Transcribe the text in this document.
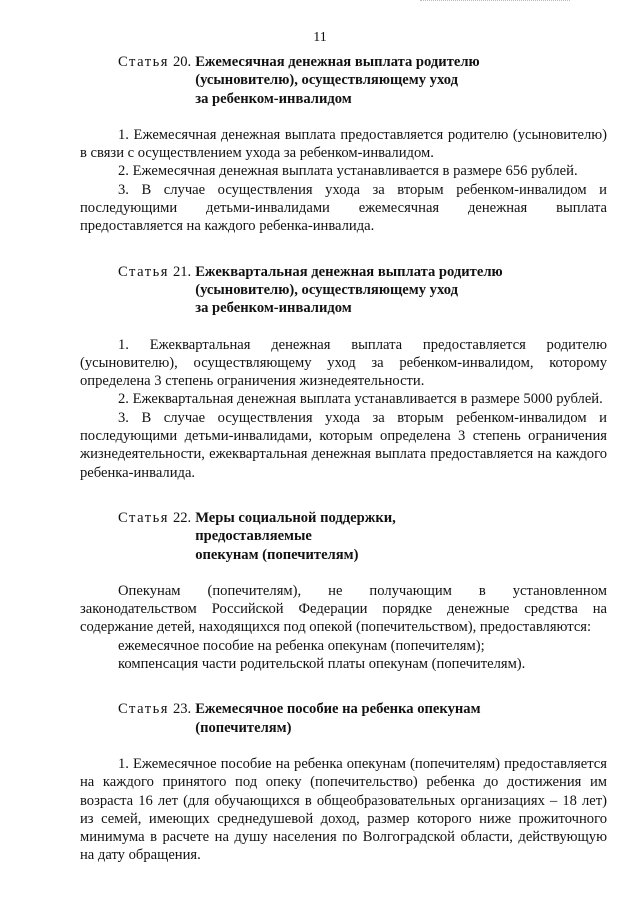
11
Статья 20. Ежемесячная денежная выплата родителю
(усыновителю), осуществляющему уход
за ребенком-инвалидом

1. Ежемесячная денежная выплата предоставляется родителю (усыновителю) в связи с осуществлением ухода за ребенком-инвалидом.

2. Ежемесячная денежная выплата устанавливается в размере 656 рублей.

3. В случае осуществления ухода за вторым ребенком-инвалидом и последующими детьми-инвалидами ежемесячная денежная выплата предоставляется на каждого ребенка-инвалида.

Статья 21. Ежеквартальная денежная выплата родителю
(усыновителю), осуществляющему уход
за ребенком-инвалидом

1. Ежеквартальная денежная выплата предоставляется родителю (усыновителю), осуществляющему уход за ребенком-инвалидом, которому определена 3 степень ограничения жизнедеятельности.

2. Ежеквартальная денежная выплата устанавливается в размере 5000 рублей.

3. В случае осуществления ухода за вторым ребенком-инвалидом и последующими детьми-инвалидами, которым определена 3 степень ограничения жизнедеятельности, ежеквартальная денежная выплата предоставляется на каждого ребенка-инвалида.

Статья 22. Меры социальной поддержки, предоставляемые
опекунам (попечителям)

Опекунам (попечителям), не получающим в установленном законодательством Российской Федерации порядке денежные средства на содержание детей, находящихся под опекой (попечительством), предоставляются:

ежемесячное пособие на ребенка опекунам (попечителям);

компенсация части родительской платы опекунам (попечителям).

Статья 23. Ежемесячное пособие на ребенка опекунам
(попечителям)

1. Ежемесячное пособие на ребенка опекунам (попечителям) предоставляется на каждого принятого под опеку (попечительство) ребенка до достижения им возраста 16 лет (для обучающихся в общеобразовательных организациях – 18 лет) из семей, имеющих среднедушевой доход, размер которого ниже прожиточного минимума в расчете на душу населения по Волгоградской области, действующую на дату обращения.
